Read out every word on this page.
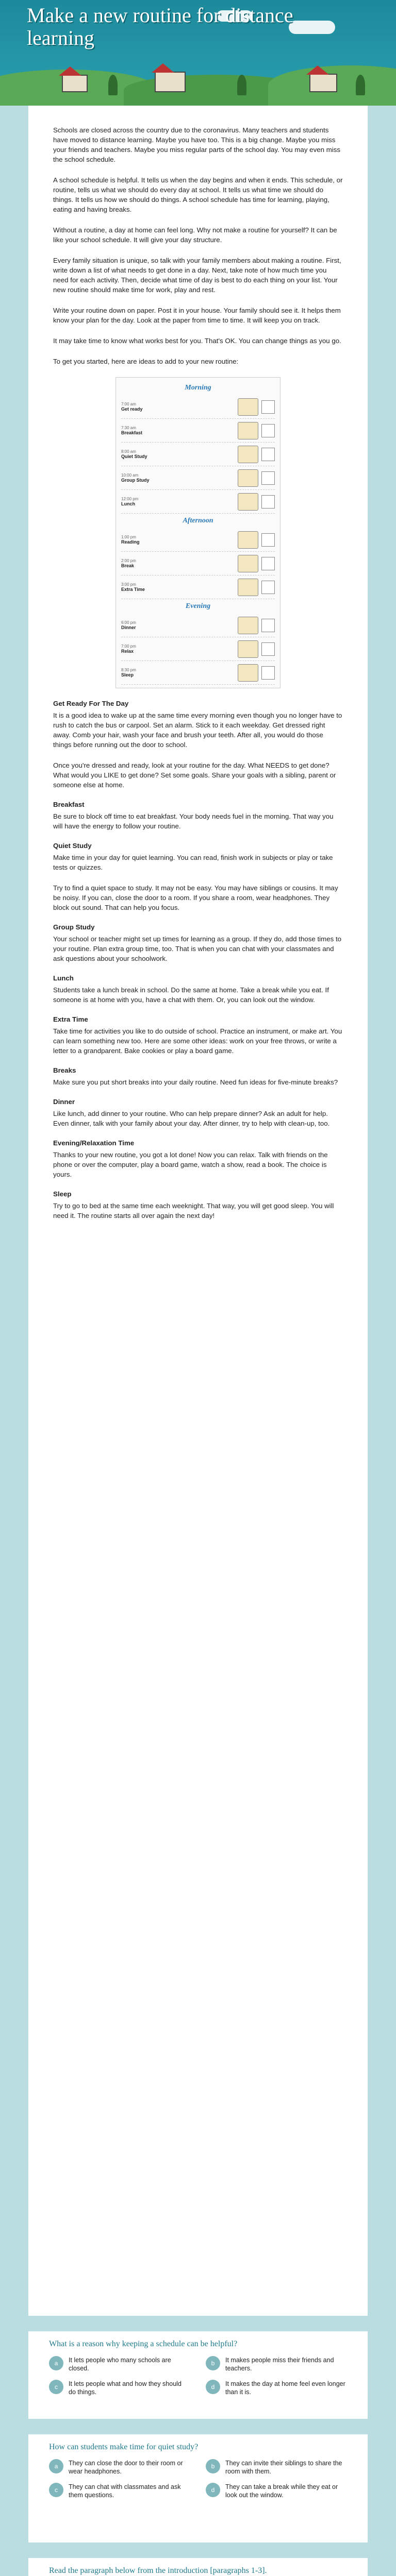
Make a new routine for distance learning

Schools are closed across the country due to the coronavirus. Many teachers and students have moved to distance learning. Maybe you have too. This is a big change. Maybe you miss your friends and teachers. Maybe you miss regular parts of the school day. You may even miss the school schedule.

A school schedule is helpful. It tells us when the day begins and when it ends. This schedule, or routine, tells us what we should do every day at school. It tells us what time we should do things. It tells us how we should do things. A school schedule has time for learning, playing, eating and having breaks.

Without a routine, a day at home can feel long. Why not make a routine for yourself? It can be like your school schedule. It will give your day structure.

Every family situation is unique, so talk with your family members about making a routine. First, write down a list of what needs to get done in a day. Next, take note of how much time you need for each activity. Then, decide what time of day is best to do each thing on your list. Your new routine should make time for work, play and rest.

Write your routine down on paper. Post it in your house. Your family should see it. It helps them know your plan for the day. Look at the paper from time to time. It will keep you on track.

It may take time to know what works best for you. That's OK. You can change things as you go.

To get you started, here are ideas to add to your new routine:

Morning
7:00 am
Get ready
7:30 am
Breakfast
8:00 am
Quiet Study
10:00 am
Group Study
12:00 pm
Lunch
Afternoon
1:00 pm
Reading
2:00 pm
Break
3:00 pm
Extra Time
Evening
6:00 pm
Dinner
7:00 pm
Relax
8:30 pm
Sleep
Get Ready For The Day

It is a good idea to wake up at the same time every morning even though you no longer have to rush to catch the bus or carpool. Set an alarm. Stick to it each weekday. Get dressed right away. Comb your hair, wash your face and brush your teeth. After all, you would do those things before running out the door to school.

Once you're dressed and ready, look at your routine for the day. What NEEDS to get done? What would you LIKE to get done? Set some goals. Share your goals with a sibling, parent or someone else at home.

Breakfast

Be sure to block off time to eat breakfast. Your body needs fuel in the morning. That way you will have the energy to follow your routine.

Quiet Study

Make time in your day for quiet learning. You can read, finish work in subjects or play or take tests or quizzes.

Try to find a quiet space to study. It may not be easy. You may have siblings or cousins. It may be noisy. If you can, close the door to a room. If you share a room, wear headphones. They block out sound. That can help you focus.

Group Study

Your school or teacher might set up times for learning as a group. If they do, add those times to your routine. Plan extra group time, too. That is when you can chat with your classmates and ask questions about your schoolwork.

Lunch

Students take a lunch break in school. Do the same at home. Take a break while you eat. If someone is at home with you, have a chat with them. Or, you can look out the window.

Extra Time

Take time for activities you like to do outside of school. Practice an instrument, or make art. You can learn something new too. Here are some other ideas: work on your free throws, or write a letter to a grandparent. Bake cookies or play a board game.

Breaks

Make sure you put short breaks into your daily routine. Need fun ideas for five-minute breaks?

Dinner

Like lunch, add dinner to your routine. Who can help prepare dinner? Ask an adult for help. Even dinner, talk with your family about your day. After dinner, try to help with clean-up, too.

Evening/Relaxation Time

Thanks to your new routine, you got a lot done! Now you can relax. Talk with friends on the phone or over the computer, play a board game, watch a show, read a book. The choice is yours.

Sleep

Try to go to bed at the same time each weeknight. That way, you will get good sleep. You will need it. The routine starts all over again the next day!

What is a reason why keeping a schedule can be helpful?
a	It lets people who many schools are closed.
b	It makes people miss their friends and teachers.
c	It lets people what and how they should do things.
d	It makes the day at home feel even longer than it is.
How can students make time for quiet study?
a	They can close the door to their room or wear headphones.
b	They can invite their siblings to share the room with them.
c	They can chat with classmates and ask them questions.
d	They can take a break while they eat or look out the window.
Read the paragraph below from the introduction [paragraphs 1-3].
